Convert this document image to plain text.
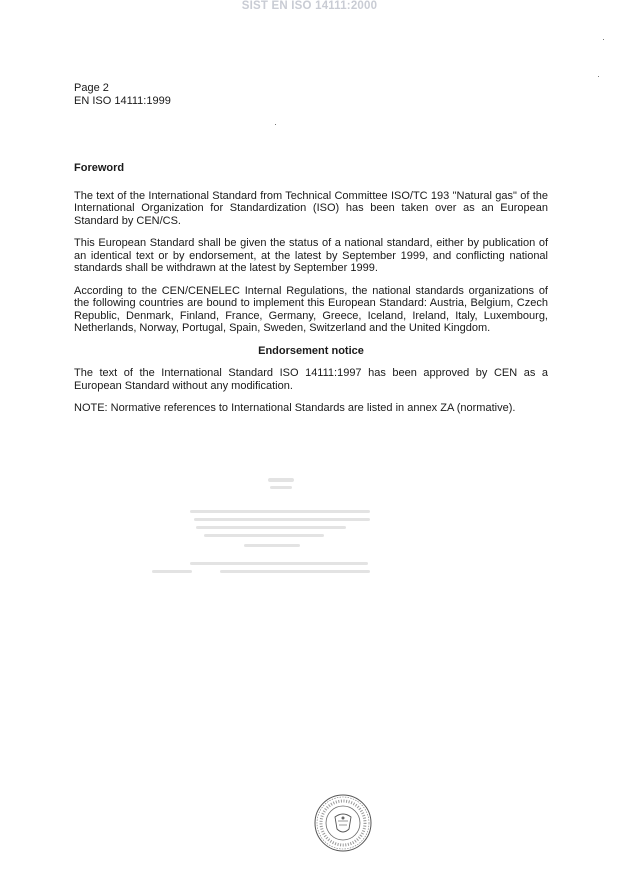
SIST EN ISO 14111:2000
Page 2
EN ISO 14111:1999
Foreword

The text of the International Standard from Technical Committee ISO/TC 193 "Natural gas" of the International Organization for Standardization (ISO) has been taken over as an European Standard by CEN/CS.

This European Standard shall be given the status of a national standard, either by publication of an identical text or by endorsement, at the latest by September 1999, and conflicting national standards shall be withdrawn at the latest by September 1999.

According to the CEN/CENELEC Internal Regulations, the national standards organizations of the following countries are bound to implement this European Standard: Austria, Belgium, Czech Republic, Denmark, Finland, France, Germany, Greece, Iceland, Ireland, Italy, Luxembourg, Netherlands, Norway, Portugal, Spain, Sweden, Switzerland and the United Kingdom.

Endorsement notice

The text of the International Standard ISO 14111:1997 has been approved by CEN as a European Standard without any modification.

NOTE: Normative references to International Standards are listed in annex ZA (normative).
